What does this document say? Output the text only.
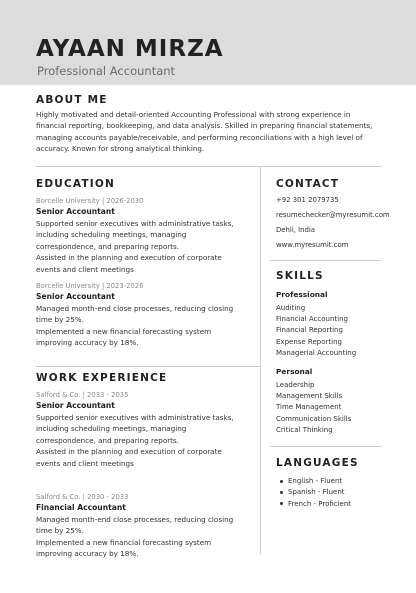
AYAAN MIRZA
Professional Accountant
ABOUT ME
Highly motivated and detail-oriented Accounting Professional with strong experience in
financial reporting, bookkeeping, and data analysis. Skilled in preparing financial statements,
managing accounts payable/receivable, and performing reconciliations with a high level of
accuracy. Known for strong analytical thinking.
EDUCATION
Borcelle University | 2026-2030
Senior Accountant
Supported senior executives with administrative tasks,
including scheduling meetings, managing
correspondence, and preparing reports.
Assisted in the planning and execution of corporate
events and client meetings
Borcelle University | 2023-2026
Senior Accountant
Managed month-end close processes, reducing closing
time by 25%.
Implemented a new financial forecasting system
improving accuracy by 18%.
WORK EXPERIENCE
Salford & Co. | 2033 - 2035
Senior Accountant
Supported senior executives with administrative tasks,
including scheduling meetings, managing
correspondence, and preparing reports.
Assisted in the planning and execution of corporate
events and client meetings
Salford & Co. | 2030 - 2033
Financial Accountant
Managed month-end close processes, reducing closing
time by 25%.
Implemented a new financial forecasting system
improving accuracy by 18%.
CONTACT
+92 301 2079735
resumechecker@myresumit.com
Dehli, India
www.myresumit.com
SKILLS
Professional
Auditing
Financial Accounting
Financial Reporting
Expense Reporting
Managerial Accounting
Personal
Leadership
Management Skills
Time Management
Communication Skills
Critical Thinking
LANGUAGES
English - Fluent
Spanish - Fluent
French - Proficient
